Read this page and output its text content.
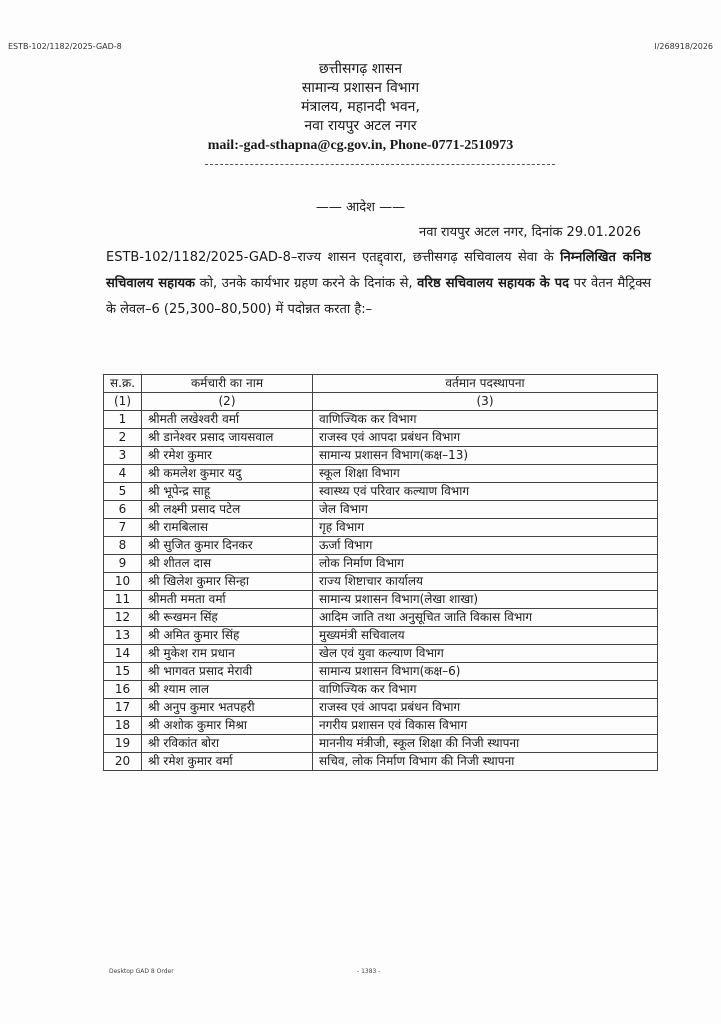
ESTB-102/1182/2025-GAD-8	I/268918/2026
छत्तीसगढ़ शासन
सामान्य प्रशासन विभाग
मंत्रालय, महानदी भवन,
नवा रायपुर अटल नगर
mail:-gad-sthapna@cg.gov.in, Phone-0771-2510973
—— आदेश ——
नवा रायपुर अटल नगर, दिनांक 29.01.2026
ESTB-102/1182/2025-GAD-8–राज्य शासन एतद्द्वारा, छत्तीसगढ़ सचिवालय सेवा के निम्नलिखित कनिष्ठ सचिवालय सहायक को, उनके कार्यभार ग्रहण करने के दिनांक से, वरिष्ठ सचिवालय सहायक के पद पर वेतन मैट्रिक्स के लेवल–6 (25,300–80,500) में पदोन्नत करता है:–
स.क्र.	कर्मचारी का नाम	वर्तमान पदस्थापना
(1)	(2)	(3)
1	श्रीमती लखेश्वरी वर्मा	वाणिज्यिक कर विभाग
2	श्री डानेश्वर प्रसाद जायसवाल	राजस्व एवं आपदा प्रबंधन विभाग
3	श्री रमेश कुमार	सामान्य प्रशासन विभाग(कक्ष–13)
4	श्री कमलेश कुमार यदु	स्कूल शिक्षा विभाग
5	श्री भूपेन्द्र साहू	स्वास्थ्य एवं परिवार कल्याण विभाग
6	श्री लक्ष्मी प्रसाद पटेल	जेल विभाग
7	श्री रामबिलास	गृह विभाग
8	श्री सुजित कुमार दिनकर	ऊर्जा विभाग
9	श्री शीतल दास	लोक निर्माण विभाग
10	श्री खिलेश कुमार सिन्हा	राज्य शिष्टाचार कार्यालय
11	श्रीमती ममता वर्मा	सामान्य प्रशासन विभाग(लेखा शाखा)
12	श्री रूखमन सिंह	आदिम जाति तथा अनुसूचित जाति विकास विभाग
13	श्री अमित कुमार सिंह	मुख्यमंत्री सचिवालय
14	श्री मुकेश राम प्रधान	खेल एवं युवा कल्याण विभाग
15	श्री भागवत प्रसाद मेरावी	सामान्य प्रशासन विभाग(कक्ष–6)
16	श्री श्याम लाल	वाणिज्यिक कर विभाग
17	श्री अनुप कुमार भतपहरी	राजस्व एवं आपदा प्रबंधन विभाग
18	श्री अशोक कुमार मिश्रा	नगरीय प्रशासन एवं विकास विभाग
19	श्री रविकांत बोरा	माननीय मंत्रीजी, स्कूल शिक्षा की निजी स्थापना
20	श्री रमेश कुमार वर्मा	सचिव, लोक निर्माण विभाग की निजी स्थापना
Desktop GAD 8 Order	- 1383 -
